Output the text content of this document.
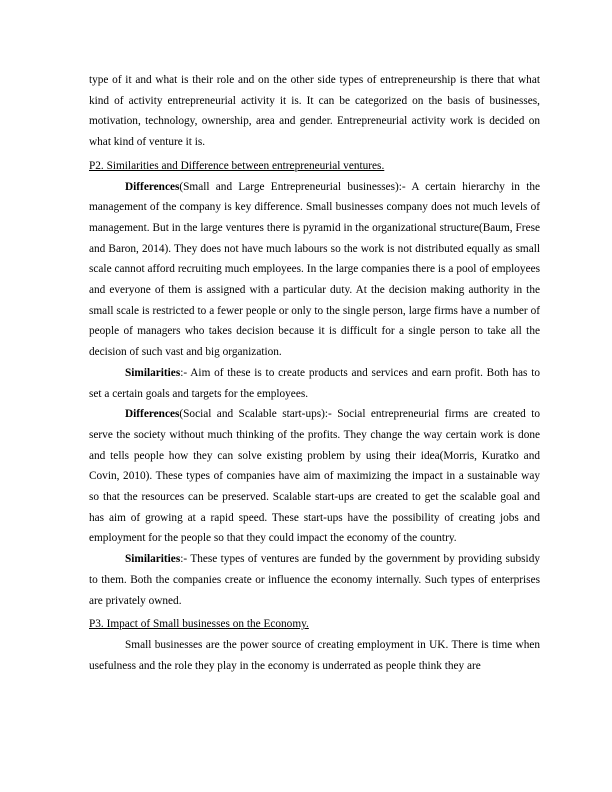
type of it and what is their role and on the other side types of entrepreneurship is there that what kind of activity entrepreneurial activity it is. It can be categorized on the basis of businesses, motivation, technology, ownership, area and gender. Entrepreneurial activity work is decided on what kind of venture it is.

P2. Similarities and Difference between entrepreneurial ventures.

Differences(Small and Large Entrepreneurial businesses):- A certain hierarchy in the management of the company is key difference. Small businesses company does not much levels of management. But in the large ventures there is pyramid in the organizational structure(Baum, Frese and Baron, 2014). They does not have much labours so the work is not distributed equally as small scale cannot afford recruiting much employees. In the large companies there is a pool of employees and everyone of them is assigned with a particular duty. At the decision making authority in the small scale is restricted to a fewer people or only to the single person, large firms have a number of people of managers who takes decision because it is difficult for a single person to take all the decision of such vast and big organization.

Similarities:- Aim of these is to create products and services and earn profit. Both has to set a certain goals and targets for the employees.

Differences(Social and Scalable start-ups):- Social entrepreneurial firms are created to serve the society without much thinking of the profits. They change the way certain work is done and tells people how they can solve existing problem by using their idea(Morris, Kuratko and Covin, 2010). These types of companies have aim of maximizing the impact in a sustainable way so that the resources can be preserved. Scalable start-ups are created to get the scalable goal and has aim of growing at a rapid speed. These start-ups have the possibility of creating jobs and employment for the people so that they could impact the economy of the country.

Similarities:- These types of ventures are funded by the government by providing subsidy to them. Both the companies create or influence the economy internally. Such types of enterprises are privately owned.

P3. Impact of Small businesses on the Economy.

Small businesses are the power source of creating employment in UK. There is time when usefulness and the role they play in the economy is underrated as people think they are
